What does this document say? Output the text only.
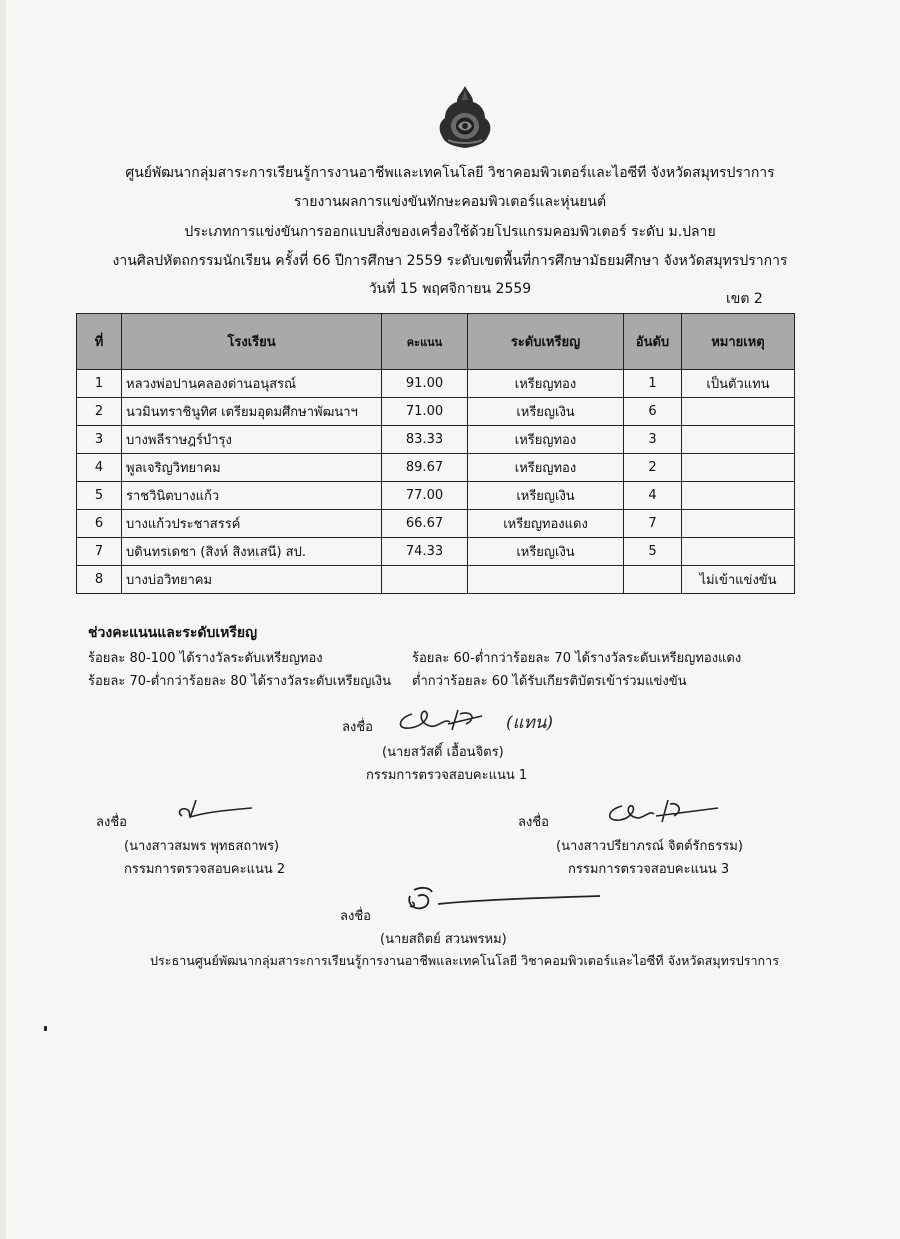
ศูนย์พัฒนากลุ่มสาระการเรียนรู้การงานอาชีพและเทคโนโลยี วิชาคอมพิวเตอร์และไอซีที จังหวัดสมุทรปราการ
รายงานผลการแข่งขันทักษะคอมพิวเตอร์และหุ่นยนต์
ประเภทการแข่งขันการออกแบบสิ่งของเครื่องใช้ด้วยโปรแกรมคอมพิวเตอร์ ระดับ ม.ปลาย
งานศิลปหัตถกรรมนักเรียน ครั้งที่ 66 ปีการศึกษา 2559 ระดับเขตพื้นที่การศึกษามัธยมศึกษา จังหวัดสมุทรปราการ
วันที่ 15 พฤศจิกายน 2559
เขต 2
ที่	โรงเรียน	คะแนน	ระดับเหรียญ	อันดับ	หมายเหตุ
1	หลวงพ่อปานคลองด่านอนุสรณ์	91.00	เหรียญทอง	1	เป็นตัวแทน
2	นวมินทราชินูทิศ เตรียมอุดมศึกษาพัฒนาฯ	71.00	เหรียญเงิน	6	
3	บางพลีราษฎร์บำรุง	83.33	เหรียญทอง	3	
4	พูลเจริญวิทยาคม	89.67	เหรียญทอง	2	
5	ราชวินิตบางแก้ว	77.00	เหรียญเงิน	4	
6	บางแก้วประชาสรรค์	66.67	เหรียญทองแดง	7	
7	บดินทรเดชา (สิงห์ สิงหเสนี) สป.	74.33	เหรียญเงิน	5	
8	บางบ่อวิทยาคม				ไม่เข้าแข่งขัน
ช่วงคะแนนและระดับเหรียญ
ร้อยละ 80-100 ได้รางวัลระดับเหรียญทอง
ร้อยละ 70-ต่ำกว่าร้อยละ 80 ได้รางวัลระดับเหรียญเงิน
ร้อยละ 60-ต่ำกว่าร้อยละ 70 ได้รางวัลระดับเหรียญทองแดง
ต่ำกว่าร้อยละ 60 ได้รับเกียรติบัตรเข้าร่วมแข่งขัน
ลงชื่อ	(แทน)
(นายสวัสดิ์ เอื้อนจิตร)
กรรมการตรวจสอบคะแนน 1
ลงชื่อ
(นางสาวสมพร พุทธสถาพร)
กรรมการตรวจสอบคะแนน 2
ลงชื่อ
(นางสาวปรียาภรณ์ จิตต์รักธรรม)
กรรมการตรวจสอบคะแนน 3
ลงชื่อ
(นายสถิตย์ สวนพรหม)
ประธานศูนย์พัฒนากลุ่มสาระการเรียนรู้การงานอาชีพและเทคโนโลยี วิชาคอมพิวเตอร์และไอซีที จังหวัดสมุทรปราการ
